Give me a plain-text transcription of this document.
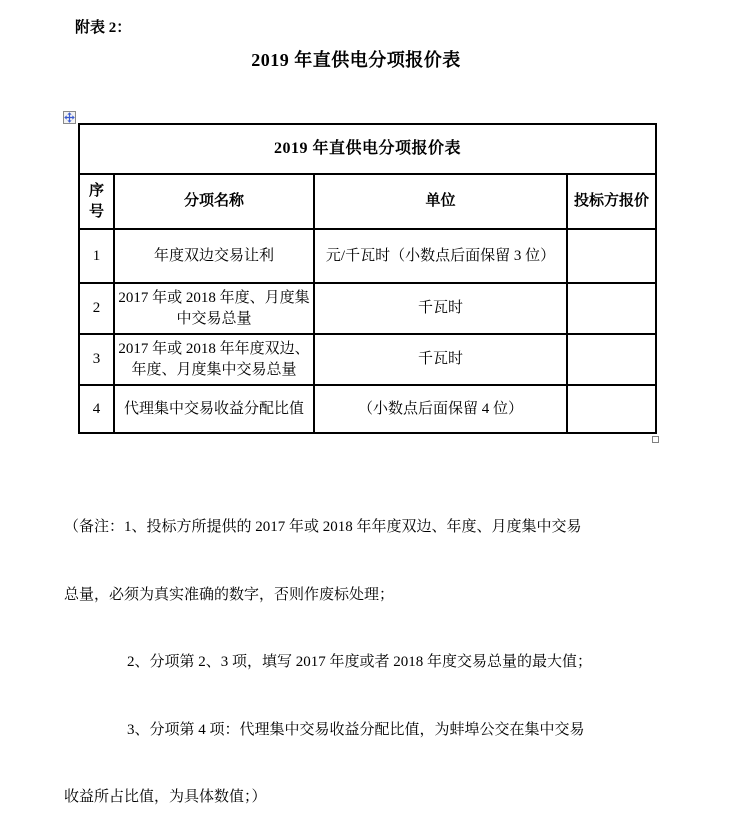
附表 2：
2019 年直供电分项报价表
2019 年直供电分项报价表			
序号	分项名称	单位	投标方报价
1	年度双边交易让利	元/千瓦时（小数点后面保留 3 位）	
2	2017 年或 2018 年度、月度集中交易总量	千瓦时	
3	2017 年或 2018 年年度双边、年度、月度集中交易总量	千瓦时	
4	代理集中交易收益分配比值	（小数点后面保留 4 位）	

（备注：1、投标方所提供的 2017 年或 2018 年年度双边、年度、月度集中交易

总量，必须为真实准确的数字，否则作废标处理；

2、分项第 2、3 项，填写 2017 年度或者 2018 年度交易总量的最大值；

3、分项第 4 项：代理集中交易收益分配比值，为蚌埠公交在集中交易

收益所占比值，为具体数值；）
